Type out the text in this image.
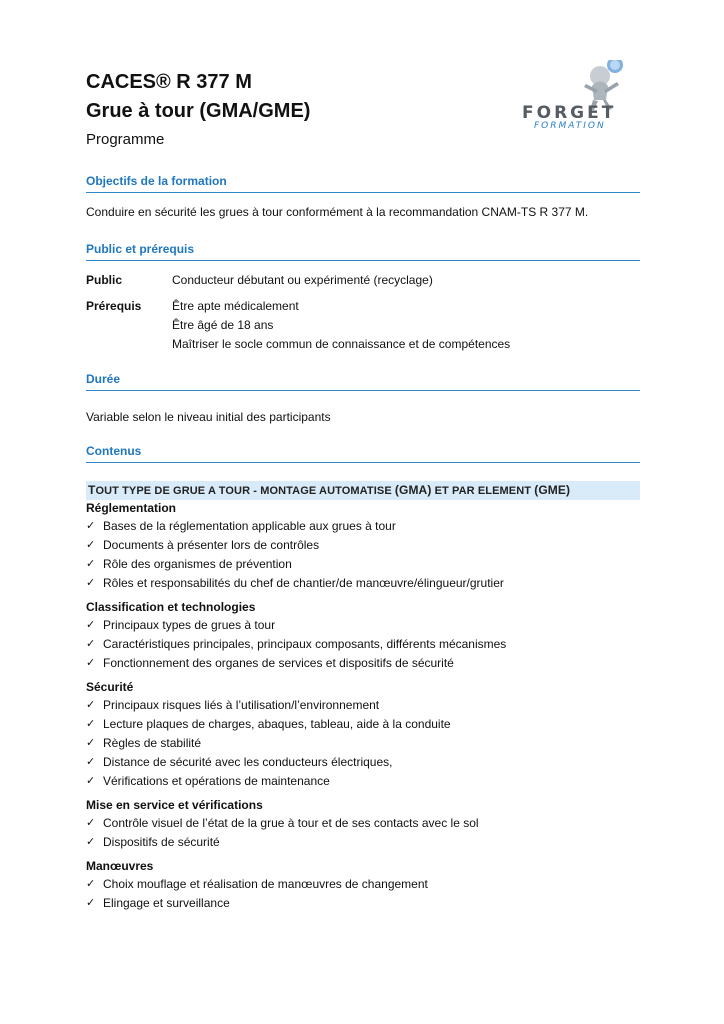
CACES® R 377 M
Grue à tour (GMA/GME)
Programme
FORGET
FORMATION
Objectifs de la formation
Conduire en sécurité les grues à tour conformément à la recommandation CNAM-TS R 377 M.
Public et prérequis
Public	Conducteur débutant ou expérimenté (recyclage)
Prérequis	Être apte médicalement
Être âgé de 18 ans
Maîtriser le socle commun de connaissance et de compétences
Durée
Variable selon le niveau initial des participants
Contenus
TOUT TYPE DE GRUE A TOUR - MONTAGE AUTOMATISE (GMA) ET PAR ELEMENT (GME)
Réglementation
✓ Bases de la réglementation applicable aux grues à tour
✓ Documents à présenter lors de contrôles
✓ Rôle des organismes de prévention
✓ Rôles et responsabilités du chef de chantier/de manœuvre/élingueur/grutier
Classification et technologies
✓ Principaux types de grues à tour
✓ Caractéristiques principales, principaux composants, différents mécanismes
✓ Fonctionnement des organes de services et dispositifs de sécurité
Sécurité
✓ Principaux risques liés à l’utilisation/l’environnement
✓ Lecture plaques de charges, abaques, tableau, aide à la conduite
✓ Règles de stabilité
✓ Distance de sécurité avec les conducteurs électriques,
✓ Vérifications et opérations de maintenance
Mise en service et vérifications
✓ Contrôle visuel de l’état de la grue à tour et de ses contacts avec le sol
✓ Dispositifs de sécurité
Manœuvres
✓ Choix mouflage et réalisation de manœuvres de changement
✓ Elingage et surveillance
